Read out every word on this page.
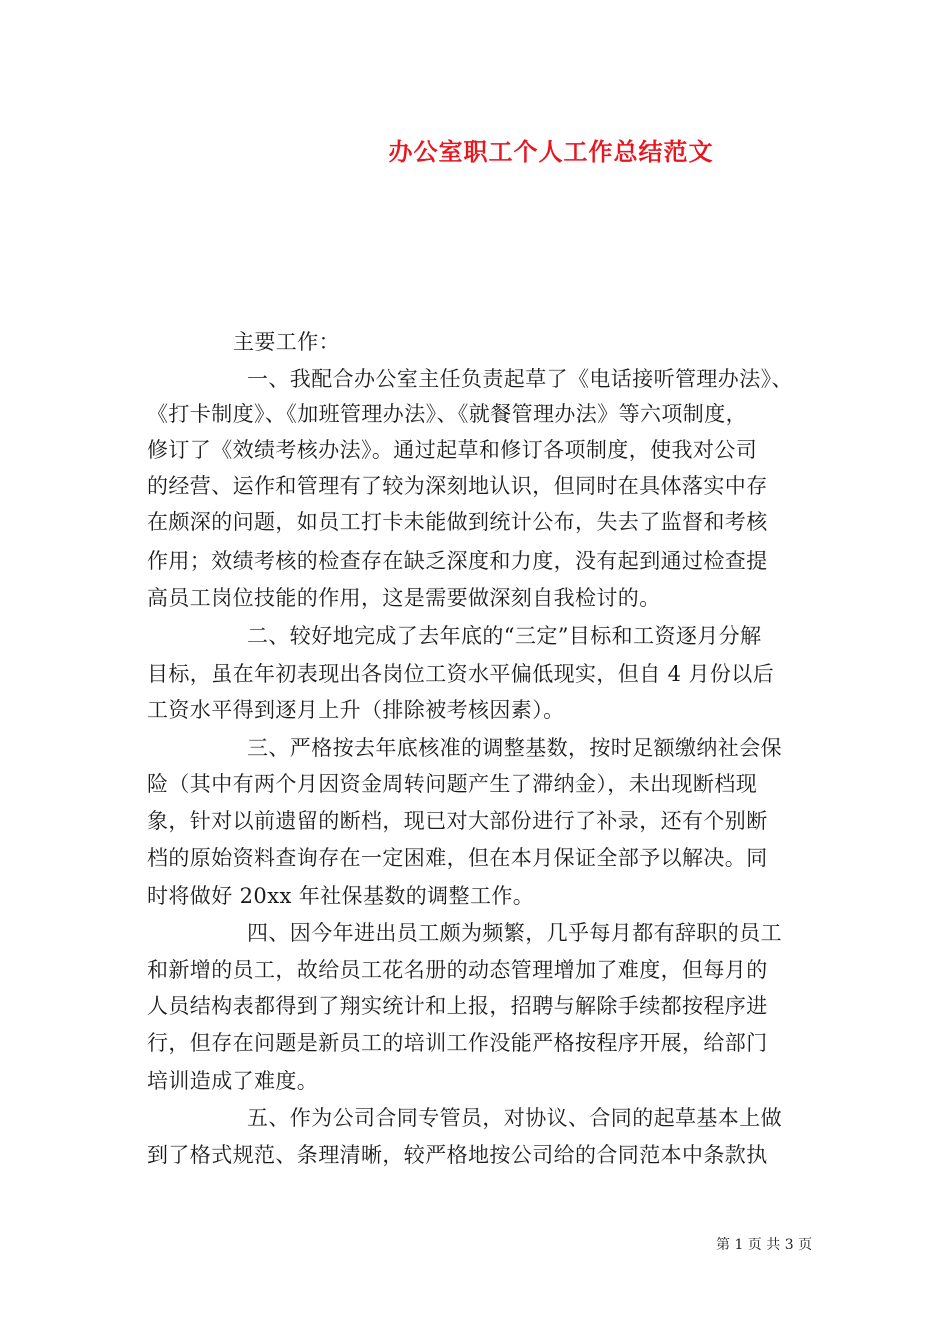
办公室职工个人工作总结范文
主要工作：
一、我配合办公室主任负责起草了《电话接听管理办法》、
《打卡制度》、《加班管理办法》、《就餐管理办法》等六项制度，
修订了《效绩考核办法》。通过起草和修订各项制度，使我对公司
的经营、运作和管理有了较为深刻地认识，但同时在具体落实中存
在颇深的问题，如员工打卡未能做到统计公布，失去了监督和考核
作用；效绩考核的检查存在缺乏深度和力度，没有起到通过检查提
高员工岗位技能的作用，这是需要做深刻自我检讨的。
二、较好地完成了去年底的“三定”目标和工资逐月分解
目标，虽在年初表现出各岗位工资水平偏低现实，但自 4 月份以后
工资水平得到逐月上升（排除被考核因素）。
三、严格按去年底核准的调整基数，按时足额缴纳社会保
险（其中有两个月因资金周转问题产生了滞纳金），未出现断档现
象，针对以前遗留的断档，现已对大部份进行了补录，还有个别断
档的原始资料查询存在一定困难，但在本月保证全部予以解决。同
时将做好 20xx 年社保基数的调整工作。
四、因今年进出员工颇为频繁，几乎每月都有辞职的员工
和新增的员工，故给员工花名册的动态管理增加了难度，但每月的
人员结构表都得到了翔实统计和上报，招聘与解除手续都按程序进
行，但存在问题是新员工的培训工作没能严格按程序开展，给部门
培训造成了难度。
五、作为公司合同专管员，对协议、合同的起草基本上做
到了格式规范、条理清晰，较严格地按公司给的合同范本中条款执
第 1 页 共 3 页
